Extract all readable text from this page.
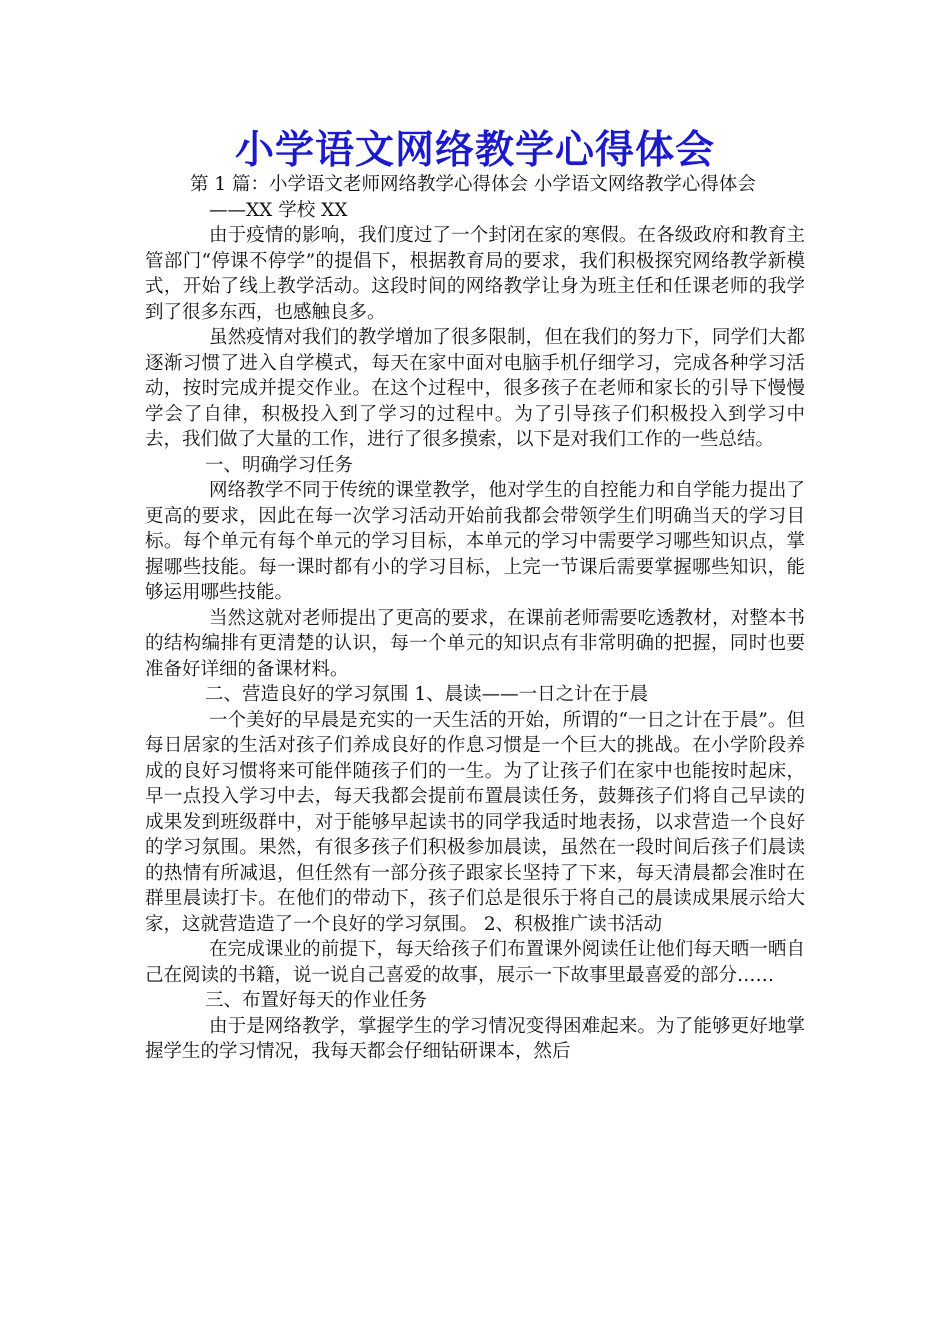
小学语文网络教学心得体会

第 1 篇：小学语文老师网络教学心得体会 小学语文网络教学心得体会

——XX 学校 XX

由于疫情的影响，我们度过了一个封闭在家的寒假。在各级政府和教育主管部门“停课不停学”的提倡下，根据教育局的要求，我们积极探究网络教学新模式，开始了线上教学活动。这段时间的网络教学让身为班主任和任课老师的我学到了很多东西，也感触良多。

虽然疫情对我们的教学增加了很多限制，但在我们的努力下，同学们大都逐渐习惯了进入自学模式，每天在家中面对电脑手机仔细学习，完成各种学习活动，按时完成并提交作业。在这个过程中，很多孩子在老师和家长的引导下慢慢学会了自律，积极投入到了学习的过程中。为了引导孩子们积极投入到学习中去，我们做了大量的工作，进行了很多摸索，以下是对我们工作的一些总结。

一、明确学习任务

网络教学不同于传统的课堂教学，他对学生的自控能力和自学能力提出了更高的要求，因此在每一次学习活动开始前我都会带领学生们明确当天的学习目标。每个单元有每个单元的学习目标，本单元的学习中需要学习哪些知识点，掌握哪些技能。每一课时都有小的学习目标，上完一节课后需要掌握哪些知识，能够运用哪些技能。

当然这就对老师提出了更高的要求，在课前老师需要吃透教材，对整本书的结构编排有更清楚的认识，每一个单元的知识点有非常明确的把握，同时也要准备好详细的备课材料。

二、营造良好的学习氛围 1、晨读——一日之计在于晨

一个美好的早晨是充实的一天生活的开始，所谓的“一日之计在于晨”。但每日居家的生活对孩子们养成良好的作息习惯是一个巨大的挑战。在小学阶段养成的良好习惯将来可能伴随孩子们的一生。为了让孩子们在家中也能按时起床，早一点投入学习中去，每天我都会提前布置晨读任务，鼓舞孩子们将自己早读的成果发到班级群中，对于能够早起读书的同学我适时地表扬，以求营造一个良好的学习氛围。果然，有很多孩子们积极参加晨读，虽然在一段时间后孩子们晨读的热情有所减退，但任然有一部分孩子跟家长坚持了下来，每天清晨都会准时在群里晨读打卡。在他们的带动下，孩子们总是很乐于将自己的晨读成果展示给大家，这就营造造了一个良好的学习氛围。 2、积极推广读书活动

在完成课业的前提下，每天给孩子们布置课外阅读任让他们每天晒一晒自己在阅读的书籍，说一说自己喜爱的故事，展示一下故事里最喜爱的部分……

三、布置好每天的作业任务

由于是网络教学，掌握学生的学习情况变得困难起来。为了能够更好地掌握学生的学习情况，我每天都会仔细钻研课本，然后
